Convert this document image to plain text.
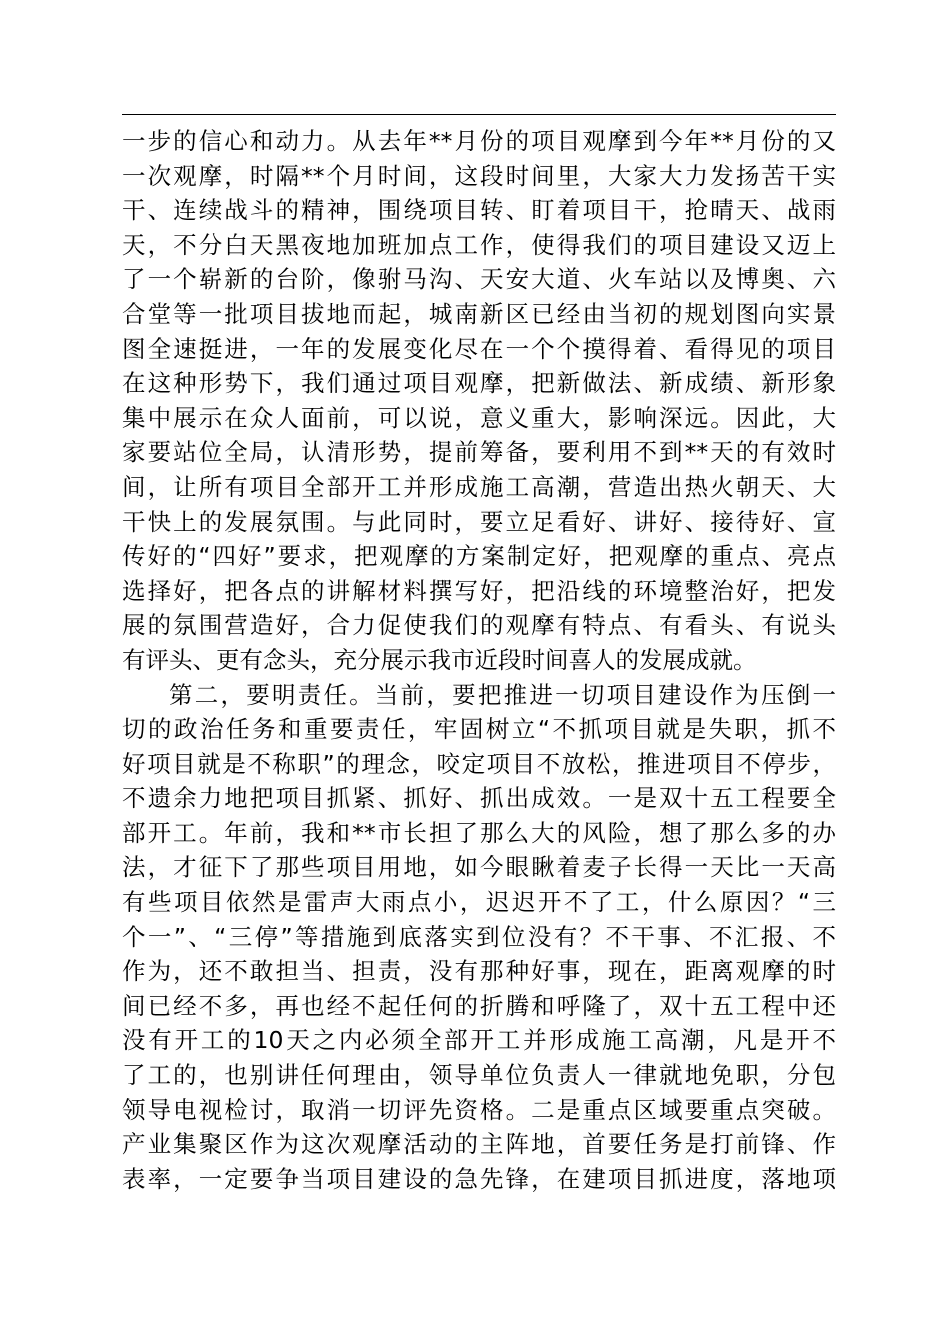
一步的信心和动力。从去年**月份的项目观摩到今年**月份的又
一次观摩，时隔**个月时间，这段时间里，大家大力发扬苦干实
干、连续战斗的精神，围绕项目转、盯着项目干，抢晴天、战雨
天，不分白天黑夜地加班加点工作，使得我们的项目建设又迈上
了一个崭新的台阶，像驸马沟、天安大道、火车站以及博奥、六
合堂等一批项目拔地而起，城南新区已经由当初的规划图向实景
图全速挺进，一年的发展变化尽在一个个摸得着、看得见的项目
在这种形势下，我们通过项目观摩，把新做法、新成绩、新形象
集中展示在众人面前，可以说，意义重大，影响深远。因此，大
家要站位全局，认清形势，提前筹备，要利用不到**天的有效时
间，让所有项目全部开工并形成施工高潮，营造出热火朝天、大
干快上的发展氛围。与此同时，要立足看好、讲好、接待好、宣
传好的“四好”要求，把观摩的方案制定好，把观摩的重点、亮点
选择好，把各点的讲解材料撰写好，把沿线的环境整治好，把发
展的氛围营造好，合力促使我们的观摩有特点、有看头、有说头
有评头、更有念头，充分展示我市近段时间喜人的发展成就。
第二，要明责任。当前，要把推进一切项目建设作为压倒一
切的政治任务和重要责任，牢固树立“不抓项目就是失职，抓不
好项目就是不称职”的理念，咬定项目不放松，推进项目不停步，
不遗余力地把项目抓紧、抓好、抓出成效。一是双十五工程要全
部开工。年前，我和**市长担了那么大的风险，想了那么多的办
法，才征下了那些项目用地，如今眼瞅着麦子长得一天比一天高
有些项目依然是雷声大雨点小，迟迟开不了工，什么原因？“三
个一”、“三停”等措施到底落实到位没有？不干事、不汇报、不
作为，还不敢担当、担责，没有那种好事，现在，距离观摩的时
间已经不多，再也经不起任何的折腾和呼隆了，双十五工程中还
没有开工的10天之内必须全部开工并形成施工高潮，凡是开不
了工的，也别讲任何理由，领导单位负责人一律就地免职，分包
领导电视检讨，取消一切评先资格。二是重点区域要重点突破。
产业集聚区作为这次观摩活动的主阵地，首要任务是打前锋、作
表率，一定要争当项目建设的急先锋，在建项目抓进度，落地项
